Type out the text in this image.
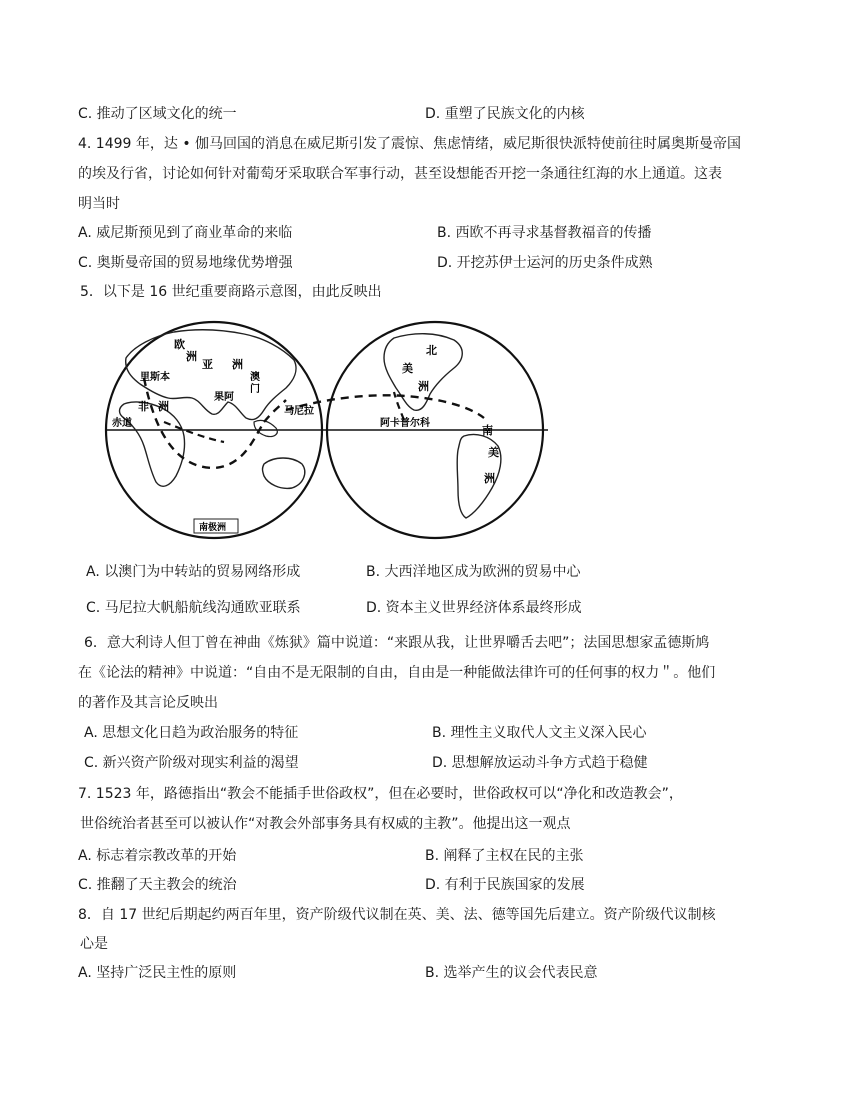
C. 推动了区域文化的统一	D. 重塑了民族文化的内核
4. 1499 年，达 • 伽马回国的消息在威尼斯引发了震惊、焦虑情绪，威尼斯很快派特使前往时属奥斯曼帝国
的埃及行省，讨论如何针对葡萄牙采取联合军事行动，甚至设想能否开挖一条通往红海的水上通道。这表
明当时
A. 威尼斯预见到了商业革命的来临	B. 西欧不再寻求基督教福音的传播
C. 奥斯曼帝国的贸易地缘优势增强	D. 开挖苏伊士运河的历史条件成熟
5．以下是 16 世纪重要商路示意图，由此反映出
欧
洲
亚 洲
里斯本
果阿
澳
门
马尼拉
非 洲
赤道
南极洲
北
美
洲
阿卡普尔科
南
美
洲
A. 以澳门为中转站的贸易网络形成	B. 大西洋地区成为欧洲的贸易中心
C. 马尼拉大帆船航线沟通欧亚联系	D. 资本主义世界经济体系最终形成
6．意大利诗人但丁曾在神曲《炼狱》篇中说道：“来跟从我，让世界嚼舌去吧”；法国思想家孟德斯鸠
在《论法的精神》中说道：“自由不是无限制的自由，自由是一种能做法律许可的任何事的权力＂。他们
的著作及其言论反映出
A. 思想文化日趋为政治服务的特征	B. 理性主义取代人文主义深入民心
C. 新兴资产阶级对现实利益的渴望	D. 思想解放运动斗争方式趋于稳健
7. 1523 年，路德指出“教会不能插手世俗政权”，但在必要时，世俗政权可以“净化和改造教会”，
世俗统治者甚至可以被认作“对教会外部事务具有权威的主教”。他提出这一观点
A. 标志着宗教改革的开始	B. 阐释了主权在民的主张
C. 推翻了天主教会的统治	D. 有利于民族国家的发展
8．自 17 世纪后期起约两百年里，资产阶级代议制在英、美、法、德等国先后建立。资产阶级代议制核
心是
A. 坚持广泛民主性的原则	B. 选举产生的议会代表民意
